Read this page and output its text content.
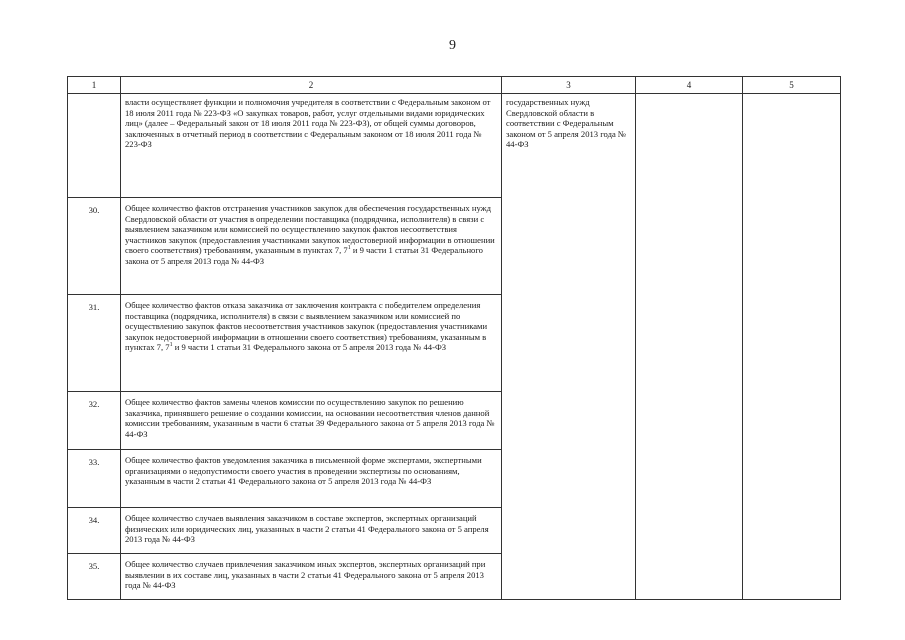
9
1	2	3	4	5
	власти осуществляет функции и полномочия учредителя в соответствии с Федеральным законом от 18 июля 2011 года № 223-ФЗ «О закупках товаров, работ, услуг отдельными видами юридических лиц» (далее – Федеральный закон от 18 июля 2011 года № 223-ФЗ), от общей суммы договоров, заключенных в отчетный период в соответствии с Федеральным законом от 18 июля 2011 года № 223-ФЗ	государственных нужд Свердловской области в соответствии с Федеральным законом от 5 апреля 2013 года № 44-ФЗ		
30.	Общее количество фактов отстранения участников закупок для обеспечения государственных нужд Свердловской области от участия в определении поставщика (подрядчика, исполнителя) в связи с выявлением заказчиком или комиссией по осуществлению закупок фактов несоответствия участников закупок (предоставления участниками закупок недостоверной информации в отношении своего соответствия) требованиям, указанным в пунктах 7, $7^1$ и 9 части 1 статьи 31 Федерального закона от 5 апреля 2013 года № 44-ФЗ			
31.	Общее количество фактов отказа заказчика от заключения контракта с победителем определения поставщика (подрядчика, исполнителя) в связи с выявлением заказчиком или комиссией по осуществлению закупок фактов несоответствия участников закупок (предоставления участниками закупок недостоверной информации в отношении своего соответствия) требованиям, указанным в пунктах 7, $7^1$ и 9 части 1 статьи 31 Федерального закона от 5 апреля 2013 года № 44-ФЗ			
32.	Общее количество фактов замены членов комиссии по осуществлению закупок по решению заказчика, принявшего решение о создании комиссии, на основании несоответствия членов данной комиссии требованиям, указанным в части 6 статьи 39 Федерального закона от 5 апреля 2013 года № 44-ФЗ			
33.	Общее количество фактов уведомления заказчика в письменной форме экспертами, экспертными организациями о недопустимости своего участия в проведении экспертизы по основаниям, указанным в части 2 статьи 41 Федерального закона от 5 апреля 2013 года № 44-ФЗ			
34.	Общее количество случаев выявления заказчиком в составе экспертов, экспертных организаций физических или юридических лиц, указанных в части 2 статьи 41 Федерального закона от 5 апреля 2013 года № 44-ФЗ			
35.	Общее количество случаев привлечения заказчиком иных экспертов, экспертных организаций при выявлении в их составе лиц, указанных в части 2 статьи 41 Федерального закона от 5 апреля 2013 года № 44-ФЗ			
